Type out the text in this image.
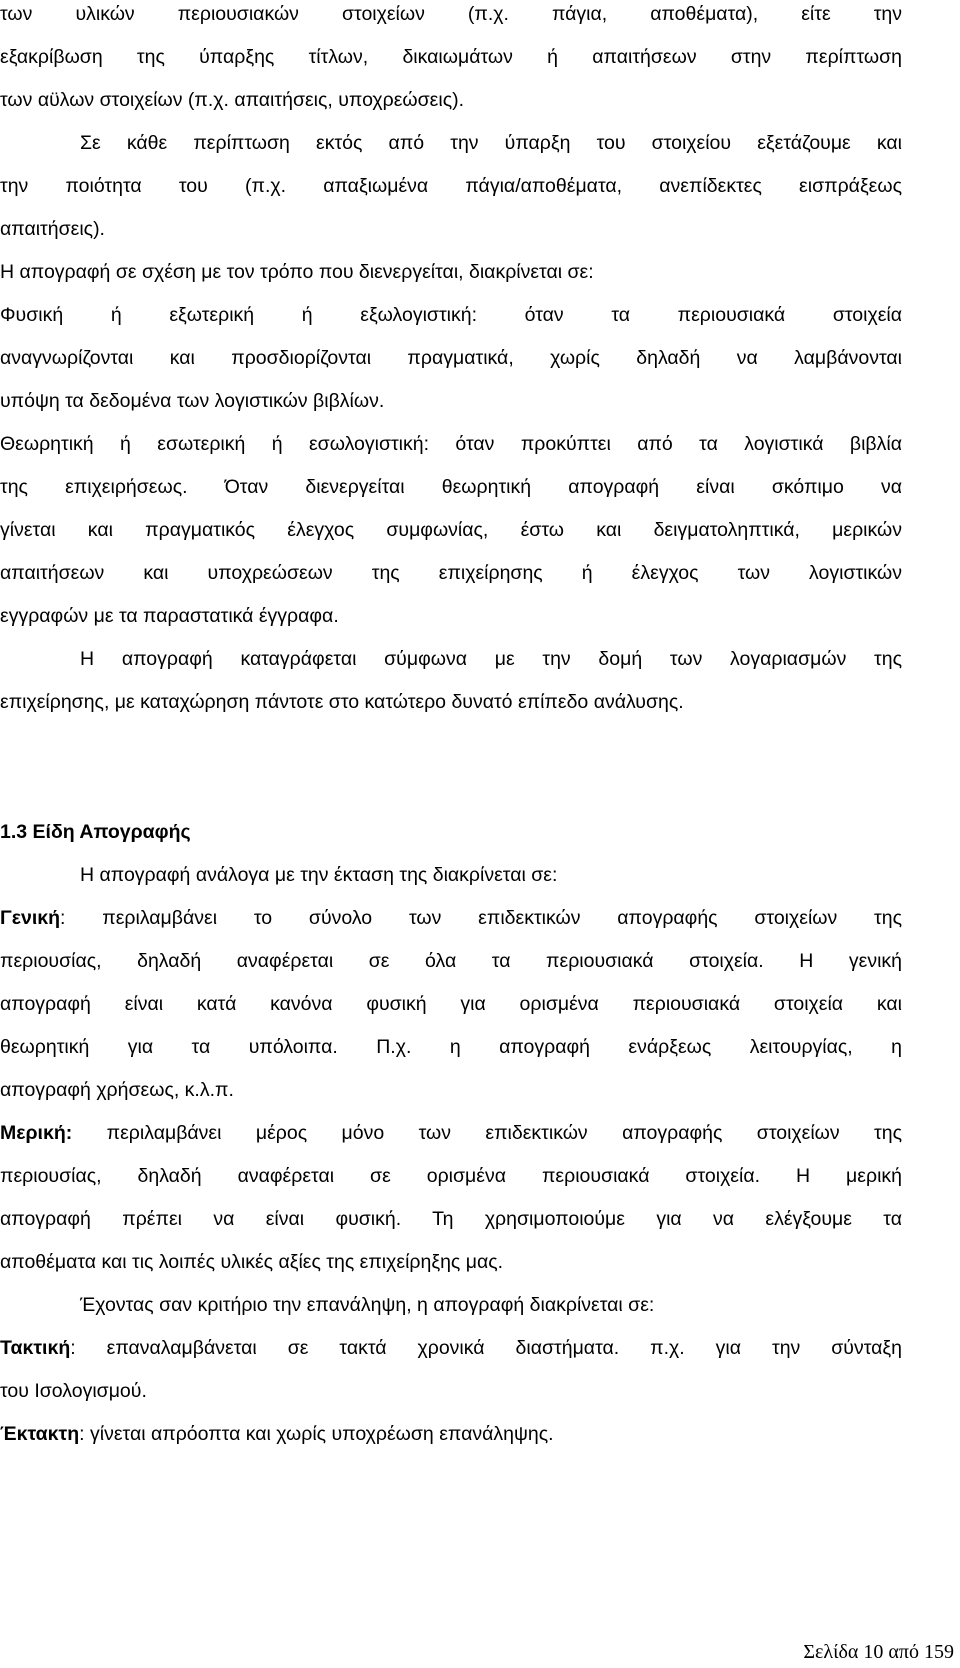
των υλικών περιουσιακών στοιχείων (π.χ. πάγια, αποθέματα), είτε την
εξακρίβωση της ύπαρξης τίτλων, δικαιωμάτων ή απαιτήσεων στην περίπτωση
των αϋλων στοιχείων (π.χ. απαιτήσεις, υποχρεώσεις).
Σε κάθε περίπτωση εκτός από την ύπαρξη του στοιχείου εξετάζουμε και
την ποιότητα του (π.χ. απαξιωμένα πάγια/αποθέματα, ανεπίδεκτες εισπράξεως
απαιτήσεις).
Η απογραφή σε σχέση με τον τρόπο που διενεργείται, διακρίνεται σε:
Φυσική ή εξωτερική ή εξωλογιστική: όταν τα περιουσιακά στοιχεία
αναγνωρίζονται και προσδιορίζονται πραγματικά, χωρίς δηλαδή να λαμβάνονται
υπόψη τα δεδομένα των λογιστικών βιβλίων.
Θεωρητική ή εσωτερική ή εσωλογιστική: όταν προκύπτει από τα λογιστικά βιβλία
της επιχειρήσεως. Όταν διενεργείται θεωρητική απογραφή είναι σκόπιμο να
γίνεται και πραγματικός έλεγχος συμφωνίας, έστω και δειγματοληπτικά, μερικών
απαιτήσεων και υποχρεώσεων της επιχείρησης ή έλεγχος των λογιστικών
εγγραφών με τα παραστατικά έγγραφα.
Η απογραφή καταγράφεται σύμφωνα με την δομή των λογαριασμών της
επιχείρησης, με καταχώρηση πάντοτε στο κατώτερο δυνατό επίπεδο ανάλυσης.
1.3 Είδη Απογραφής
Η απογραφή ανάλογα με την έκταση της διακρίνεται σε:
Γενική: περιλαμβάνει το σύνολο των επιδεκτικών απογραφής στοιχείων της
περιουσίας, δηλαδή αναφέρεται σε όλα τα περιουσιακά στοιχεία. Η γενική
απογραφή είναι κατά κανόνα φυσική για ορισμένα περιουσιακά στοιχεία και
θεωρητική για τα υπόλοιπα. Π.χ. η απογραφή ενάρξεως λειτουργίας, η
απογραφή χρήσεως, κ.λ.π.
Μερική: περιλαμβάνει μέρος μόνο των επιδεκτικών απογραφής στοιχείων της
περιουσίας, δηλαδή αναφέρεται σε ορισμένα περιουσιακά στοιχεία. Η μερική
απογραφή πρέπει να είναι φυσική. Τη χρησιμοποιούμε για να ελέγξουμε τα
αποθέματα και τις λοιπές υλικές αξίες της επιχείρηξης μας.
Έχοντας σαν κριτήριο την επανάληψη, η απογραφή διακρίνεται σε:
Τακτική: επαναλαμβάνεται σε τακτά χρονικά διαστήματα. π.χ. για την σύνταξη
του Ισολογισμού.
Έκτακτη: γίνεται απρόοπτα και χωρίς υποχρέωση επανάληψης.
Σελίδα 10 από 159
